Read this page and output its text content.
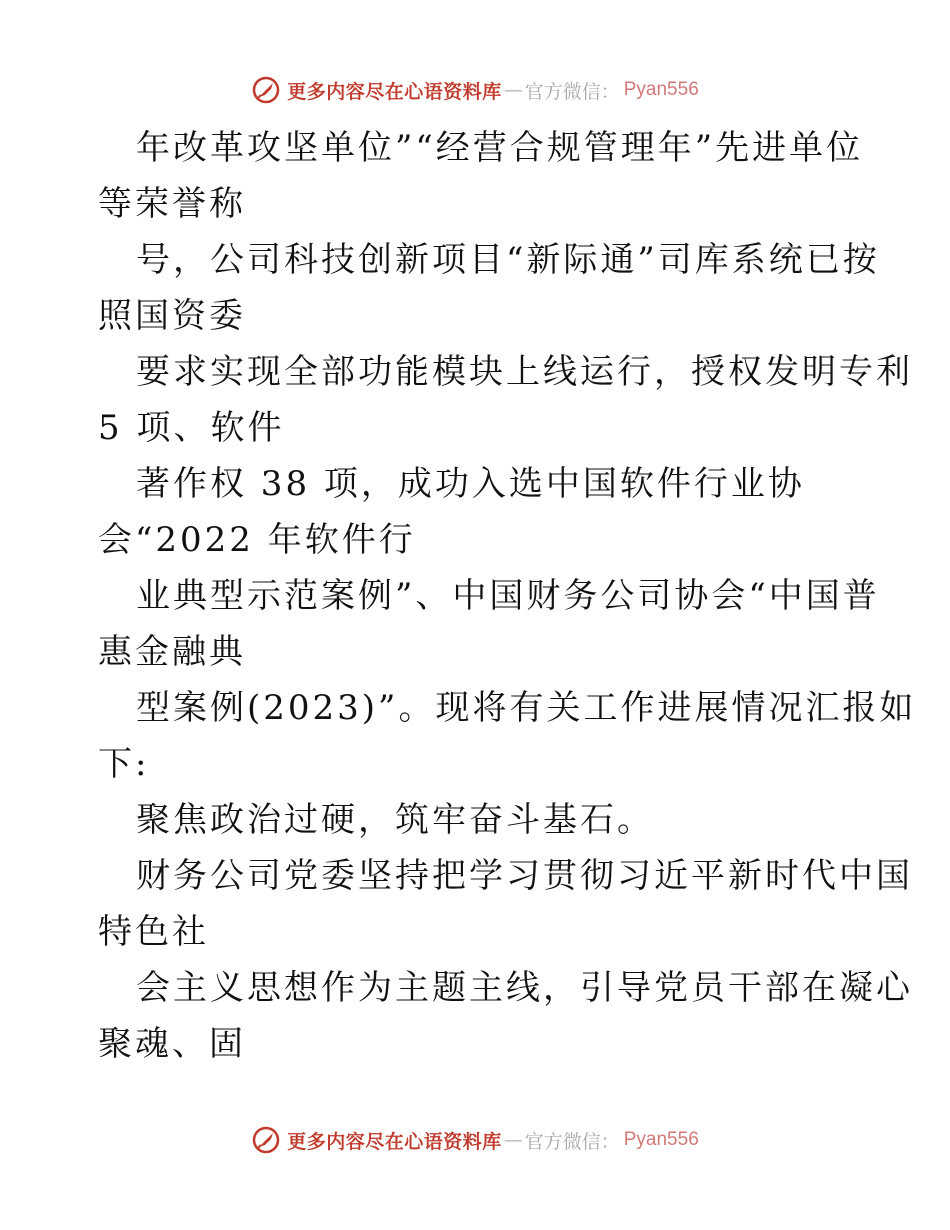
更多内容尽在心语资料库 — 官方微信： Pyan556
年改革攻坚单位”“经营合规管理年”先进单位
等荣誉称
号，公司科技创新项目“新际通”司库系统已按
照国资委
要求实现全部功能模块上线运行，授权发明专利
5 项、软件
著作权 38 项，成功入选中国软件行业协
会“2022 年软件行
业典型示范案例”、中国财务公司协会“中国普
惠金融典
型案例(2023)”。现将有关工作进展情况汇报如
下:
聚焦政治过硬，筑牢奋斗基石。
财务公司党委坚持把学习贯彻习近平新时代中国
特色社
会主义思想作为主题主线，引导党员干部在凝心
聚魂、固
更多内容尽在心语资料库 — 官方微信： Pyan556
